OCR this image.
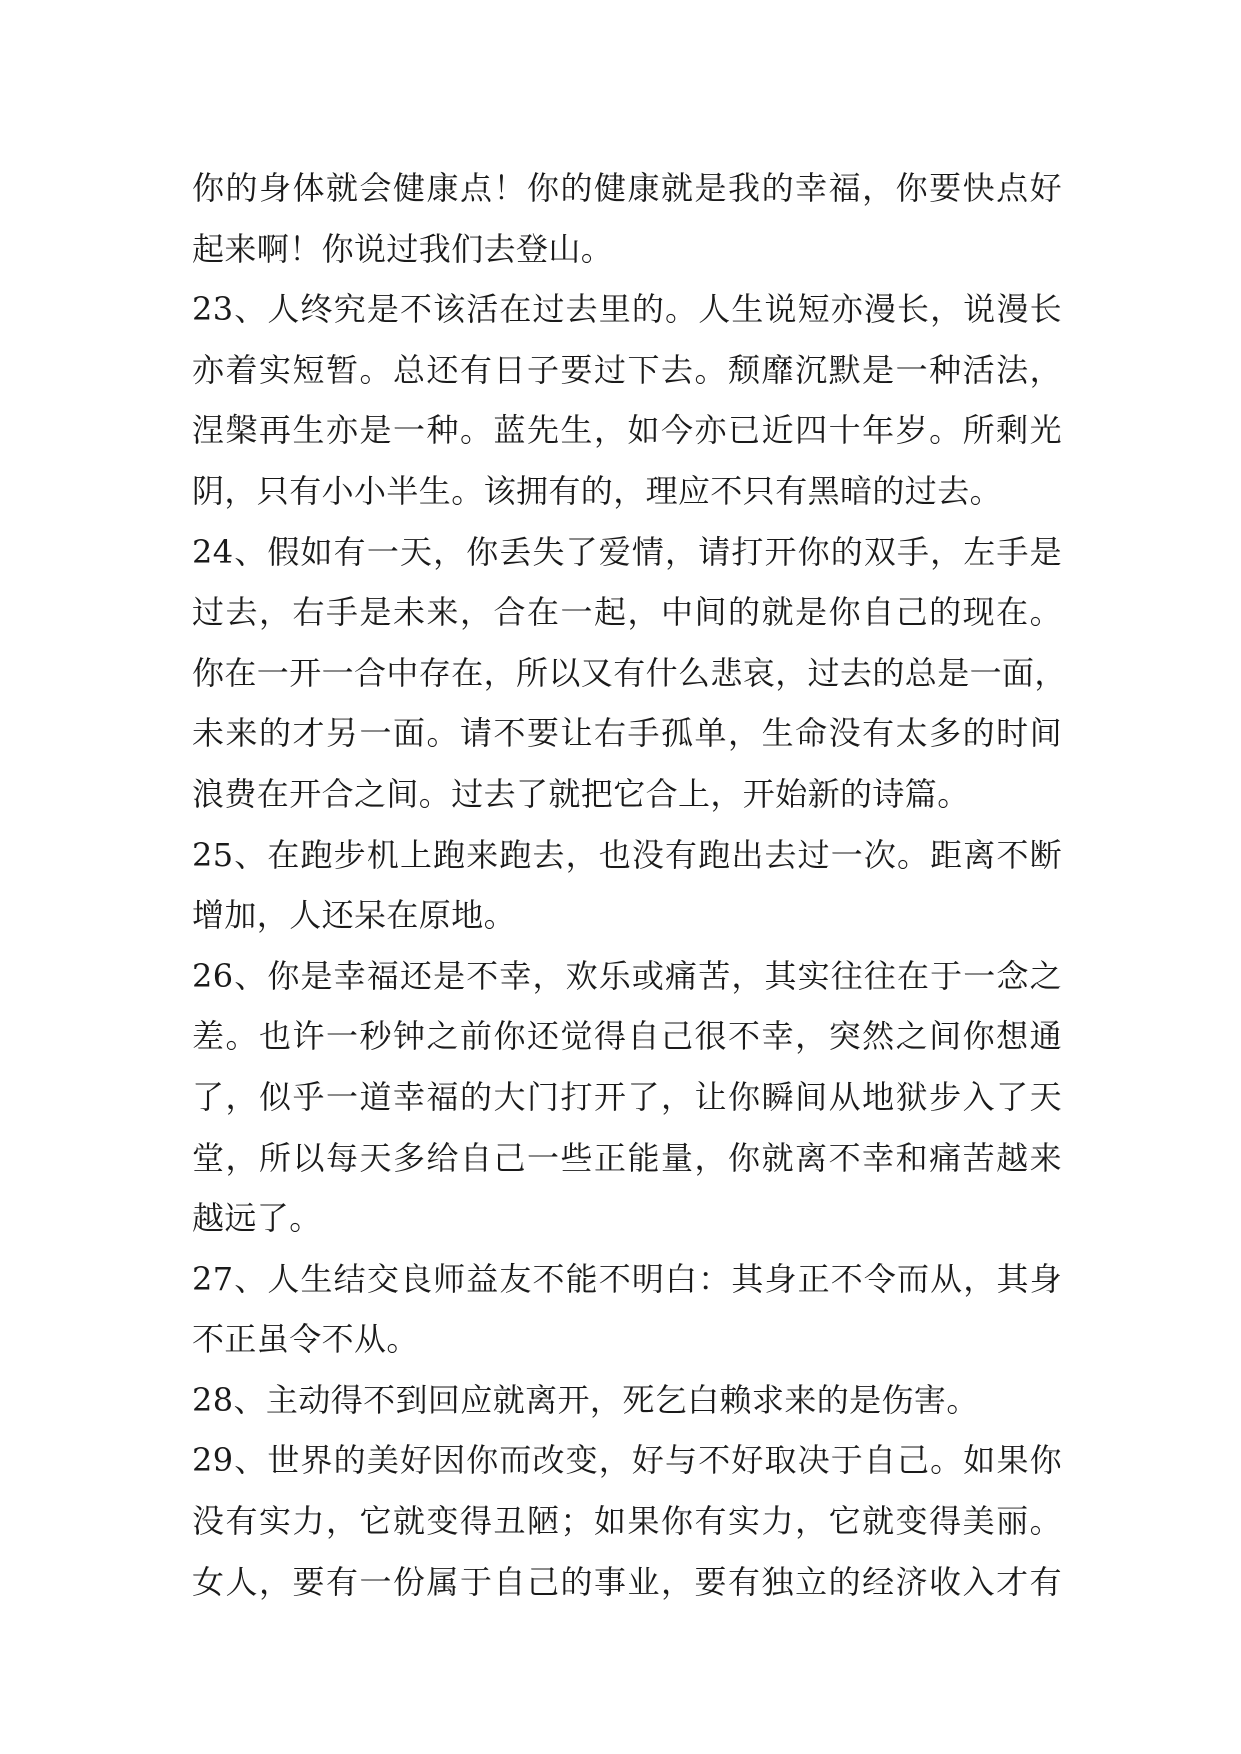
你的身体就会健康点！你的健康就是我的幸福，你要快点好
起来啊！你说过我们去登山。
23、人终究是不该活在过去里的。人生说短亦漫长，说漫长
亦着实短暂。总还有日子要过下去。颓靡沉默是一种活法，
涅槃再生亦是一种。蓝先生，如今亦已近四十年岁。所剩光
阴，只有小小半生。该拥有的，理应不只有黑暗的过去。
24、假如有一天，你丢失了爱情，请打开你的双手，左手是
过去，右手是未来，合在一起，中间的就是你自己的现在。
你在一开一合中存在，所以又有什么悲哀，过去的总是一面，
未来的才另一面。请不要让右手孤单，生命没有太多的时间
浪费在开合之间。过去了就把它合上，开始新的诗篇。
25、在跑步机上跑来跑去，也没有跑出去过一次。距离不断
增加，人还呆在原地。
26、你是幸福还是不幸，欢乐或痛苦，其实往往在于一念之
差。也许一秒钟之前你还觉得自己很不幸，突然之间你想通
了，似乎一道幸福的大门打开了，让你瞬间从地狱步入了天
堂，所以每天多给自己一些正能量，你就离不幸和痛苦越来
越远了。
27、人生结交良师益友不能不明白：其身正不令而从，其身
不正虽令不从。
28、主动得不到回应就离开，死乞白赖求来的是伤害。
29、世界的美好因你而改变，好与不好取决于自己。如果你
没有实力，它就变得丑陋；如果你有实力，它就变得美丽。
女人，要有一份属于自己的事业，要有独立的经济收入才有
